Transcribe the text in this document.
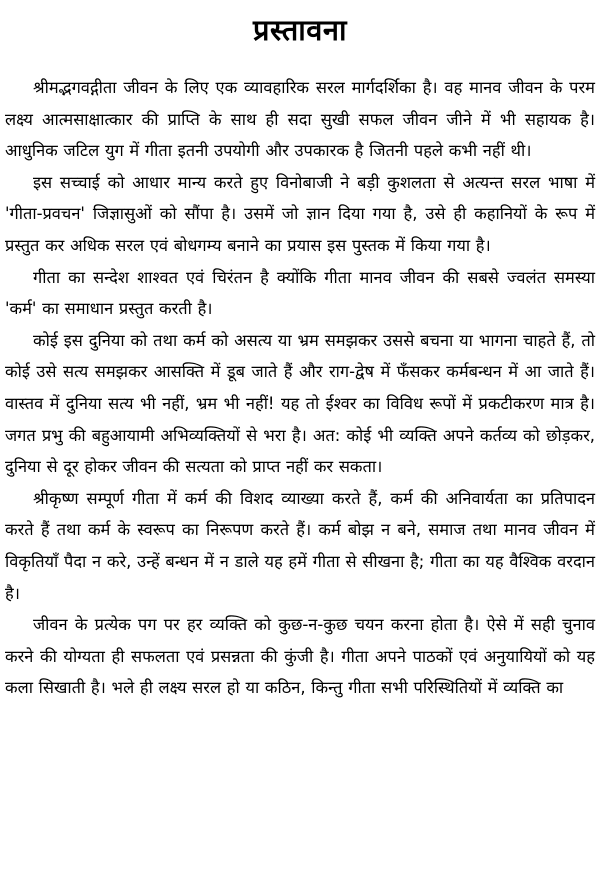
प्रस्तावना

श्रीमद्भगवद्गीता जीवन के लिए एक व्यावहारिक सरल मार्गदर्शिका है। वह मानव जीवन के परम लक्ष्य आत्मसाक्षात्कार की प्राप्ति के साथ ही सदा सुखी सफल जीवन जीने में भी सहायक है। आधुनिक जटिल युग में गीता इतनी उपयोगी और उपकारक है जितनी पहले कभी नहीं थी।

इस सच्चाई को आधार मान्य करते हुए विनोबाजी ने बड़ी कुशलता से अत्यन्त सरल भाषा में 'गीता-प्रवचन' जिज्ञासुओं को सौंपा है। उसमें जो ज्ञान दिया गया है, उसे ही कहानियों के रूप में प्रस्तुत कर अधिक सरल एवं बोधगम्य बनाने का प्रयास इस पुस्तक में किया गया है।

गीता का सन्देश शाश्वत एवं चिरंतन है क्योंकि गीता मानव जीवन की सबसे ज्वलंत समस्या 'कर्म' का समाधान प्रस्तुत करती है।

कोई इस दुनिया को तथा कर्म को असत्य या भ्रम समझकर उससे बचना या भागना चाहते हैं, तो कोई उसे सत्य समझकर आसक्ति में डूब जाते हैं और राग-द्वेष में फँसकर कर्मबन्धन में आ जाते हैं। वास्तव में दुनिया सत्य भी नहीं, भ्रम भी नहीं! यह तो ईश्वर का विविध रूपों में प्रकटीकरण मात्र है। जगत प्रभु की बहुआयामी अभिव्यक्तियों से भरा है। अत: कोई भी व्यक्ति अपने कर्तव्य को छोड़कर, दुनिया से दूर होकर जीवन की सत्यता को प्राप्त नहीं कर सकता।

श्रीकृष्ण सम्पूर्ण गीता में कर्म की विशद व्याख्या करते हैं, कर्म की अनिवार्यता का प्रतिपादन करते हैं तथा कर्म के स्वरूप का निरूपण करते हैं। कर्म बोझ न बने, समाज तथा मानव जीवन में विकृतियाँ पैदा न करे, उन्हें बन्धन में न डाले यह हमें गीता से सीखना है; गीता का यह वैश्विक वरदान है।

जीवन के प्रत्येक पग पर हर व्यक्ति को कुछ-न-कुछ चयन करना होता है। ऐसे में सही चुनाव करने की योग्यता ही सफलता एवं प्रसन्नता की कुंजी है। गीता अपने पाठकों एवं अनुयायियों को यह कला सिखाती है। भले ही लक्ष्य सरल हो या कठिन, किन्तु गीता सभी परिस्थितियों में व्यक्ति का
